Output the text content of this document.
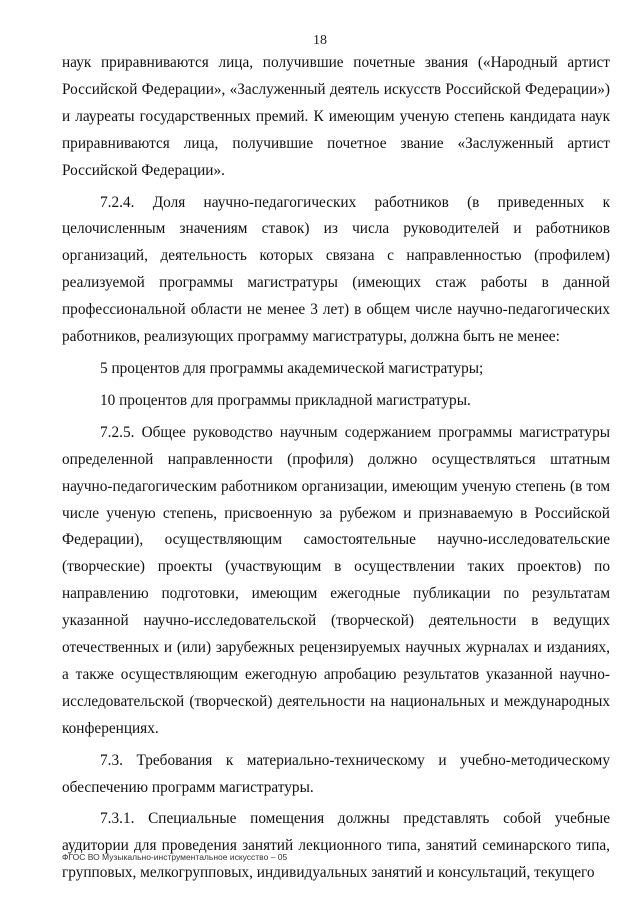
18

наук приравниваются лица, получившие почетные звания («Народный артист Российской Федерации», «Заслуженный деятель искусств Российской Федерации») и лауреаты государственных премий. К имеющим ученую степень кандидата наук приравниваются лица, получившие почетное звание «Заслуженный артист Российской Федерации».

7.2.4. Доля научно-педагогических работников (в приведенных к целочисленным значениям ставок) из числа руководителей и работников организаций, деятельность которых связана с направленностью (профилем) реализуемой программы магистратуры (имеющих стаж работы в данной профессиональной области не менее 3 лет) в общем числе научно-педагогических работников, реализующих программу магистратуры, должна быть не менее:

5 процентов для программы академической магистратуры;

10 процентов для программы прикладной магистратуры.

7.2.5. Общее руководство научным содержанием программы магистратуры определенной направленности (профиля) должно осуществляться штатным научно-педагогическим работником организации, имеющим ученую степень (в том числе ученую степень, присвоенную за рубежом и признаваемую в Российской Федерации), осуществляющим самостоятельные научно-исследовательские (творческие) проекты (участвующим в осуществлении таких проектов) по направлению подготовки, имеющим ежегодные публикации по результатам указанной научно-исследовательской (творческой) деятельности в ведущих отечественных и (или) зарубежных рецензируемых научных журналах и изданиях, а также осуществляющим ежегодную апробацию результатов указанной научно-исследовательской (творческой) деятельности на национальных и международных конференциях.

7.3. Требования к материально-техническому и учебно-методическому обеспечению программ магистратуры.

7.3.1. Специальные помещения должны представлять собой учебные аудитории для проведения занятий лекционного типа, занятий семинарского типа, групповых, мелкогрупповых, индивидуальных занятий и консультаций, текущего

ФГОС ВО Музыкально-инструментальное искусство – 05
